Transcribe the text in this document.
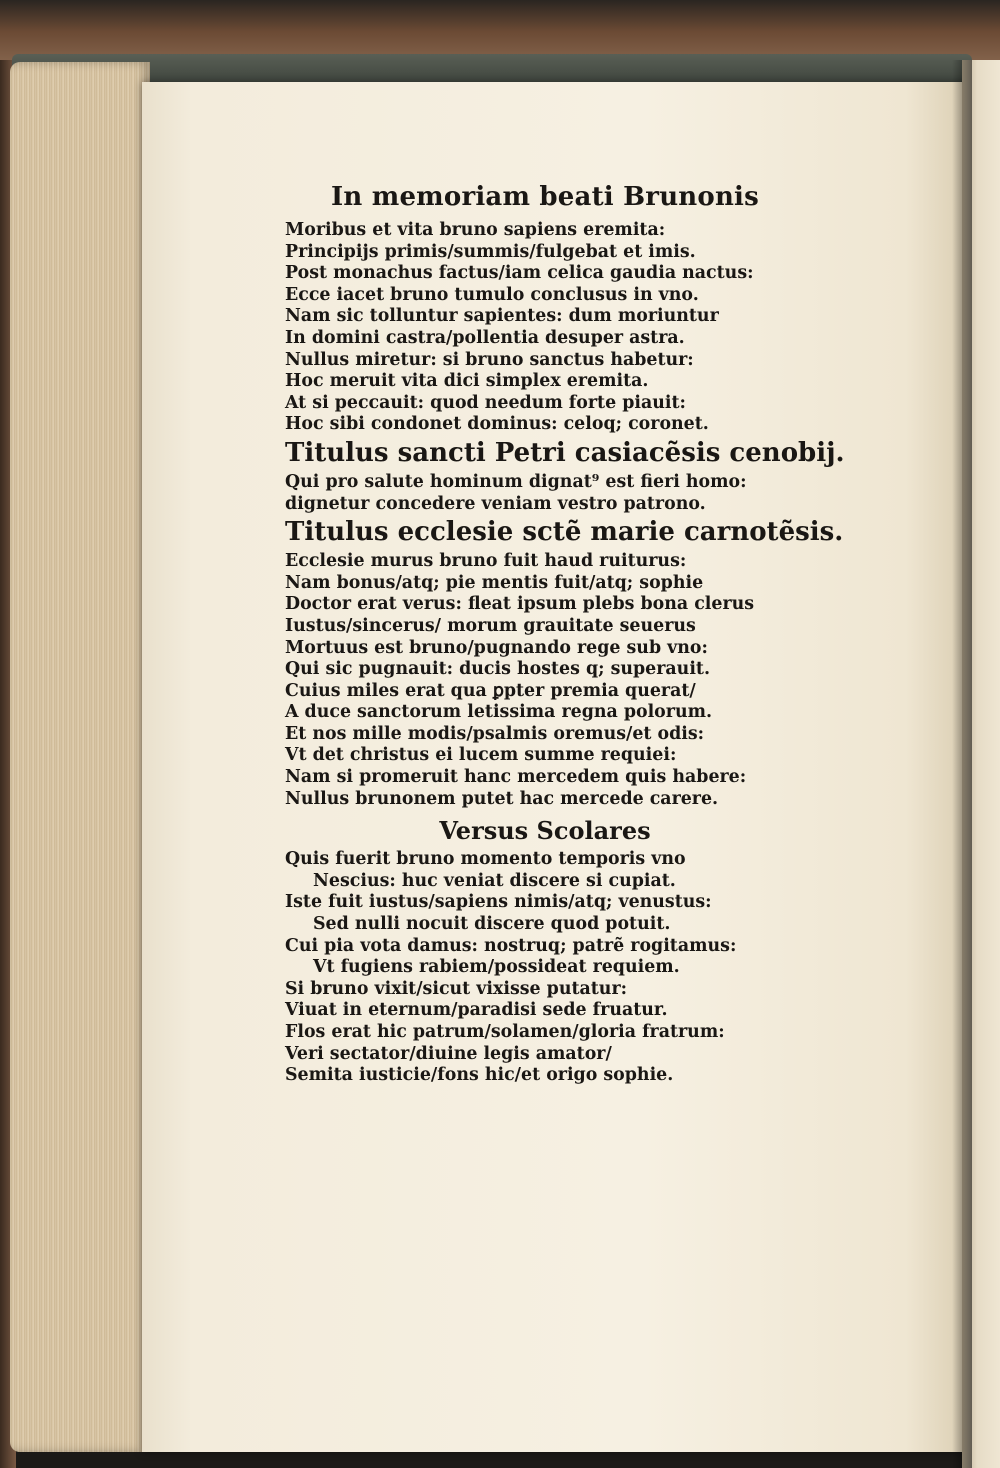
In memoriam beati Brunonis
Moribus et vita bruno sapiens eremita:
Principijs primis/summis/fulgebat et imis.
Post monachus factus/iam celica gaudia nactus:
Ecce iacet bruno tumulo conclusus in vno.
Nam sic tolluntur sapientes: dum moriuntur
In domini castra/pollentia desuper astra.
Nullus miretur: si bruno sanctus habetur:
Hoc meruit vita dici simplex eremita.
At si peccauit: quod needum forte piauit:
Hoc sibi condonet dominus: celoq; coronet.
Titulus sancti Petri casiacẽsis cenobij.
Qui pro salute hominum dignat⁹ est fieri homo:
dignetur concedere veniam vestro patrono.
Titulus ecclesie sctẽ marie carnotẽsis.
Ecclesie murus bruno fuit haud ruiturus:
Nam bonus/atq; pie mentis fuit/atq; sophie
Doctor erat verus: fleat ipsum plebs bona clerus
Iustus/sincerus/ morum grauitate seuerus
Mortuus est bruno/pugnando rege sub vno:
Qui sic pugnauit: ducis hostes q; superauit.
Cuius miles erat qua ꝑpter premia querat/
A duce sanctorum letissima regna polorum.
Et nos mille modis/psalmis oremus/et odis:
Vt det christus ei lucem summe requiei:
Nam si promeruit hanc mercedem quis habere:
Nullus brunonem putet hac mercede carere.
Versus Scolares
Quis fuerit bruno momento temporis vno
Nescius: huc veniat discere si cupiat.
Iste fuit iustus/sapiens nimis/atq; venustus:
Sed nulli nocuit discere quod potuit.
Cui pia vota damus: nostruq; patrẽ rogitamus:
Vt fugiens rabiem/possideat requiem.
Si bruno vixit/sicut vixisse putatur:
Viuat in eternum/paradisi sede fruatur.
Flos erat hic patrum/solamen/gloria fratrum:
Veri sectator/diuine legis amator/
Semita iusticie/fons hic/et origo sophie.
